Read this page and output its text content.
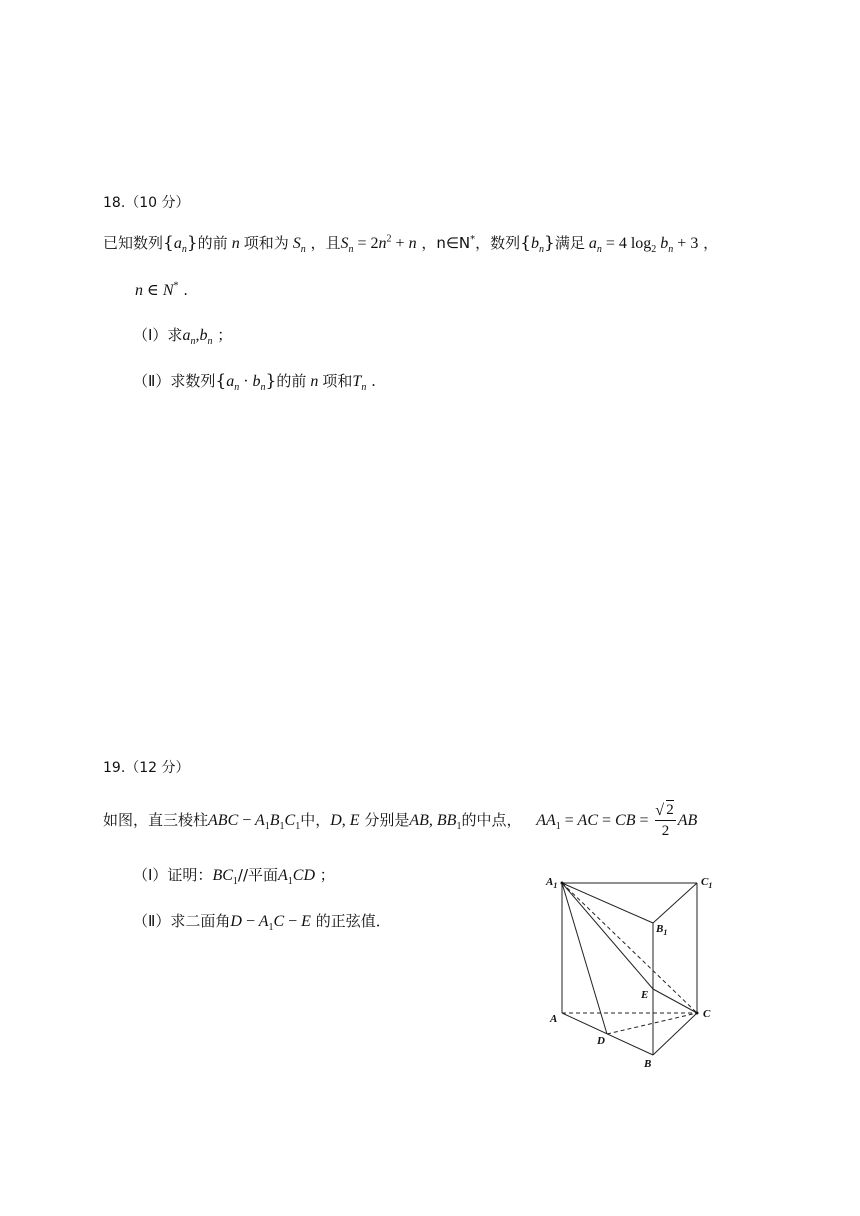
18.（10 分）
已知数列$\{a_n\}$的前 n 项和为 $S_n$ ，且$S_n = 2n^2 + n$ ，n∈N*，数列$\{b_n\}$满足 $a_n = 4$ $\log_2 b_n + 3$ ，
n ∈ N* .
（Ⅰ）求$a_n,b_n$ ；
（Ⅱ）求数列$\{a_n \cdot b_n\}$的前 n 项和$T_n$ .
19.（12 分）
如图，直三棱柱ABC − $A_1B_1C_1$中，D, E 分别是AB, $BB_1$的中点， $AA_1$ = AC = CB =
√ $\frac{2}{2}$ AB
（Ⅰ）证明：$BC_1//$平面$A_1CD$ ；
（Ⅱ）求二面角$D - A_1C - E$ 的正弦值．
$A_1$	$C_1$
$B_1$
E
A	C
D
B
